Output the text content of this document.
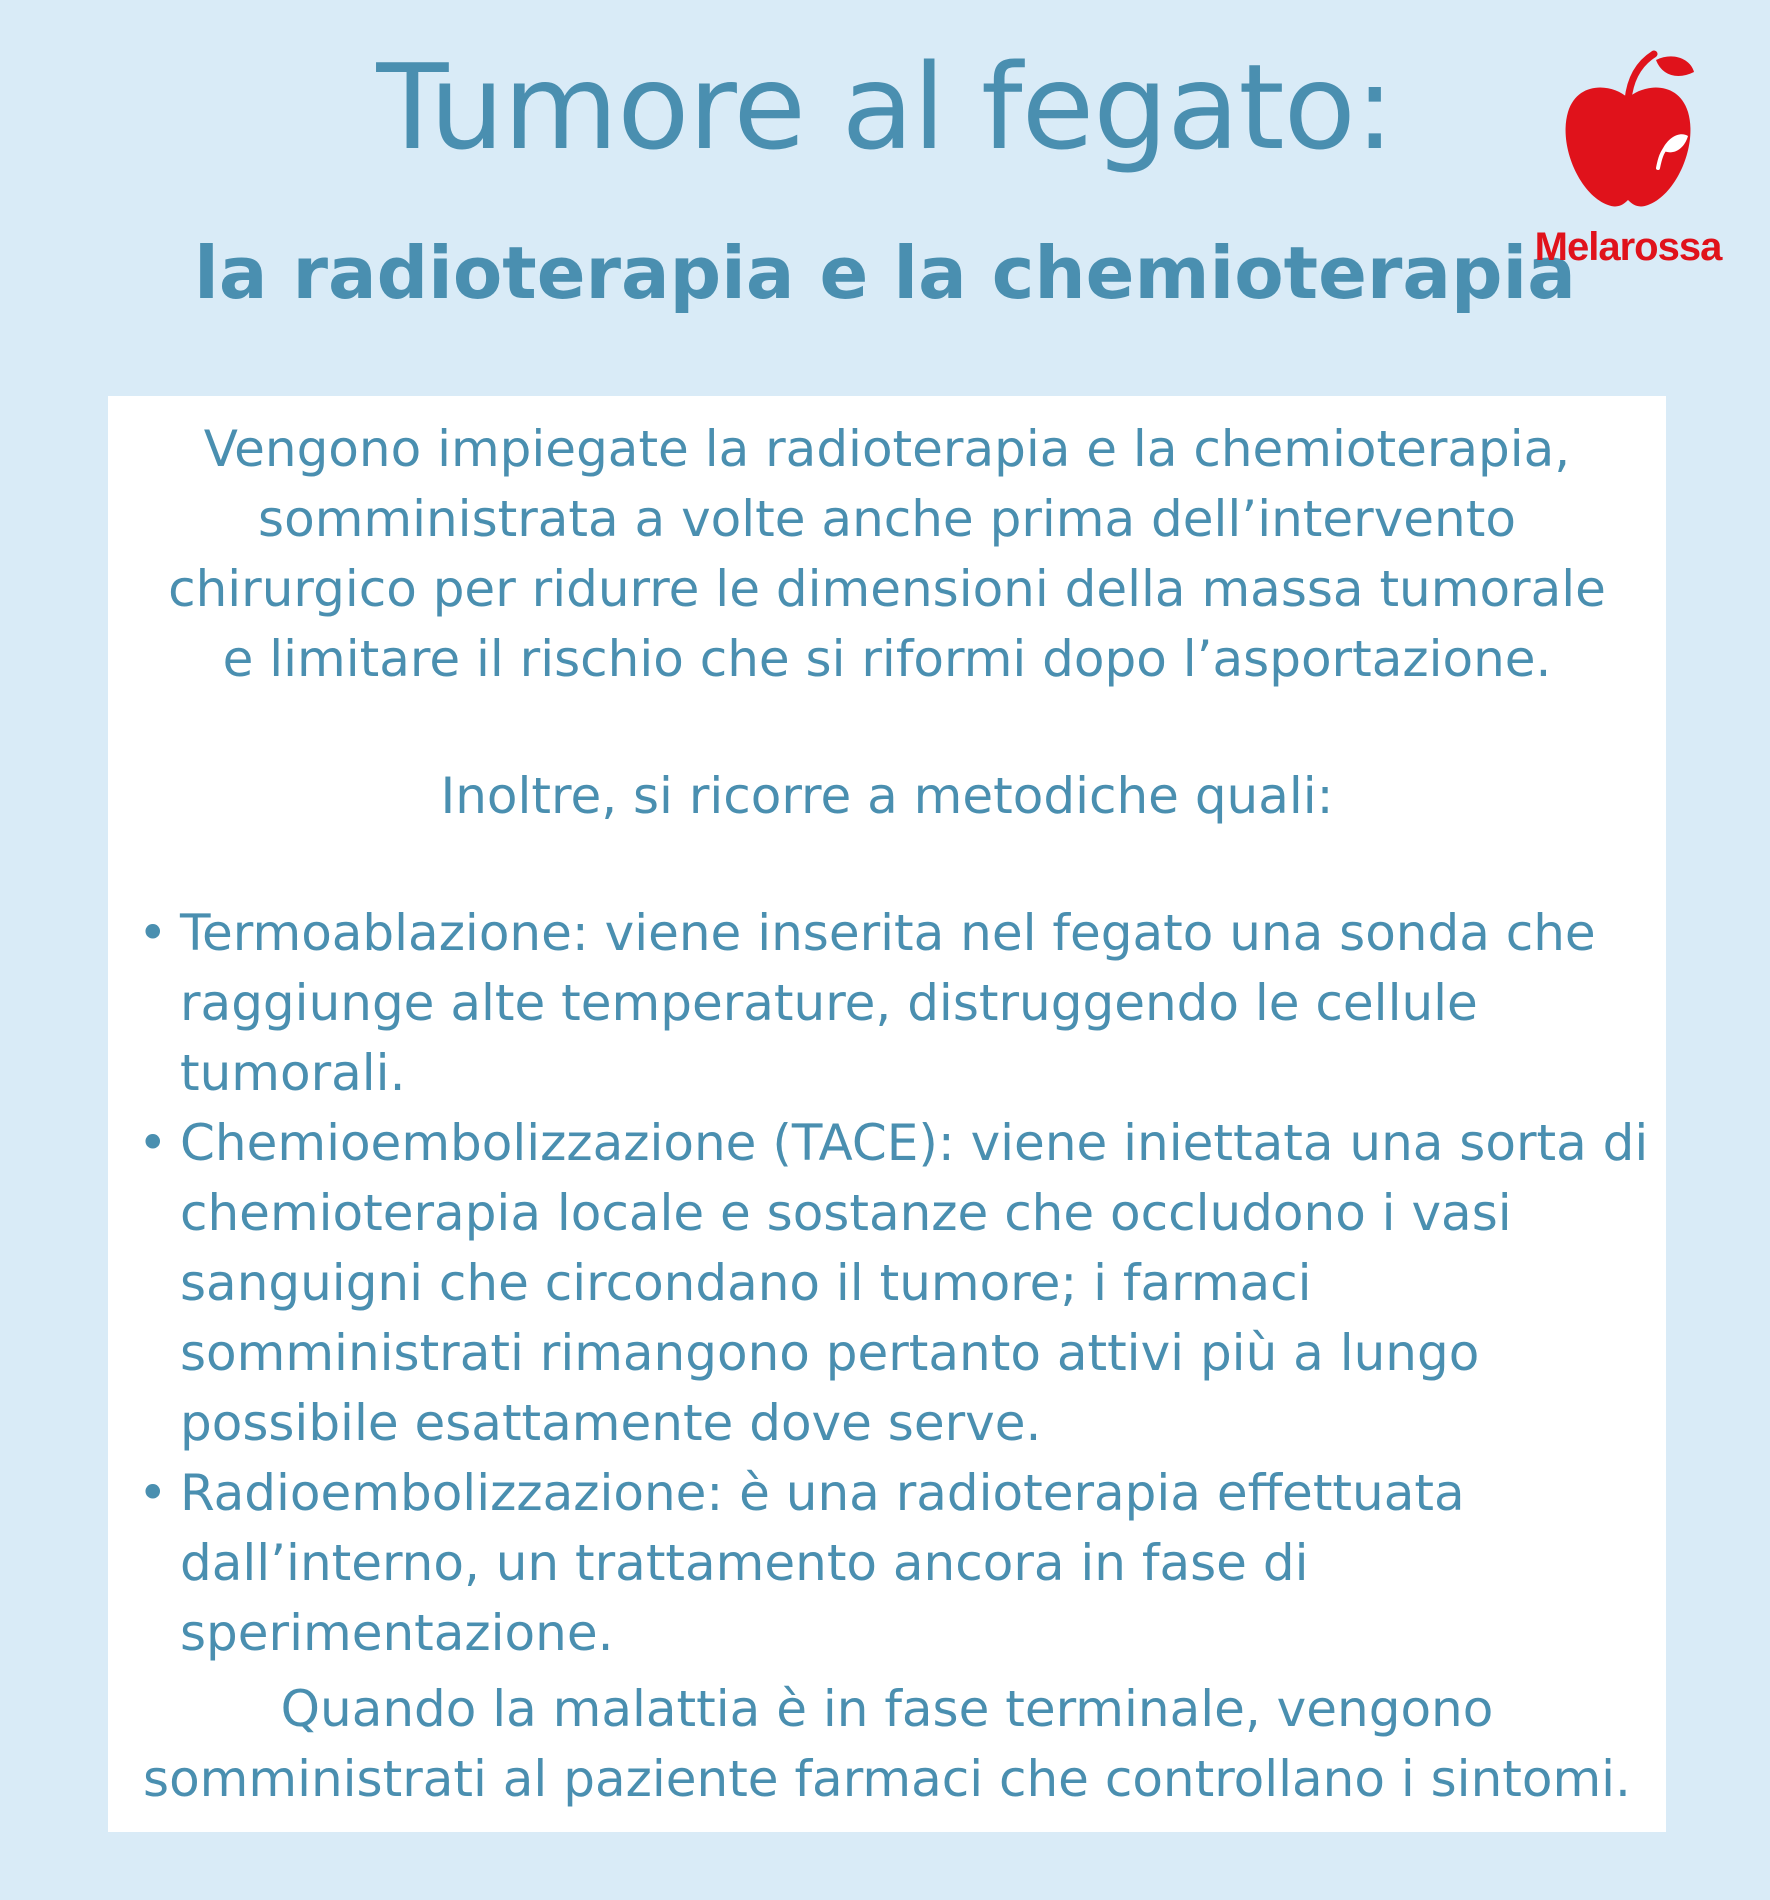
Tumore al fegato:
la radioterapia e la chemioterapia
Melarossa

Vengono impiegate la radioterapia e la chemioterapia, somministrata a volte anche prima dell’intervento chirurgico per ridurre le dimensioni della massa tumorale e limitare il rischio che si riformi dopo l’asportazione.

Inoltre, si ricorre a metodiche quali:

• Termoablazione: viene inserita nel fegato una sonda che raggiunge alte temperature, distruggendo le cellule tumorali.
• Chemioembolizzazione (TACE): viene iniettata una sorta di chemioterapia locale e sostanze che occludono i vasi sanguigni che circondano il tumore; i farmaci somministrati rimangono pertanto attivi più a lungo possibile esattamente dove serve.
• Radioembolizzazione: è una radioterapia effettuata dall’interno, un trattamento ancora in fase di sperimentazione.

Quando la malattia è in fase terminale, vengono somministrati al paziente farmaci che controllano i sintomi.
